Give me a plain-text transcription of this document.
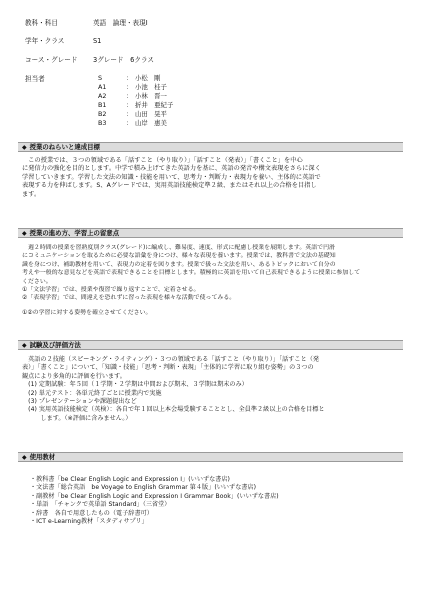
教科・科目	英語　論理・表現Ⅰ
学年・クラス	S1
コース・グレード 3グレード　6クラス
担当者	S	： 小松　剛
A1	： 小池　桂子
A2	： 小林　晋一
B1	： 折井　亜紀子
B2	： 山田　晃平
B3	： 山岸　惠美
◆ 授業のねらいと達成目標
　この授業では、３つの領域である「話すこと（やり取り）」「話すこと（発表）」「書くこと」を中心
に発信力の強化を目的とします。中学で積み上げてきた英語力を基に、英語の発音や構文表現をさらに深く
学習していきます。学習した文法の知識・技能を用いて、思考力・判断力・表現力を養い、主体的に英語で
表現する力を伸ばします。S、Aグレードでは、実用英語技能検定準２級、またはそれ以上の合格を目指し
ます。
◆ 授業の進め方、学習上の留意点
　週２時間の授業を習熟度別クラス(グレード)に編成し、難易度、速度、形式に配慮し授業を展開します。英語で円滑
にコミュニケーションを取るために必要な語彙を身につけ、様々な表現を養います。授業では、教科書で文法の基礎知
識を身につけ、補助教材を用いて、表現力の定着を図ります。授業で扱った文法を用い、あるトピックにおいて自分の
考えや一般的な意見などを英語で表現できることを目標とします。積極的に英語を用いて自己表現できるように授業に参加して
ください。
①「文法学習」では、授業や復習で繰り返すことで、定着させる。
②「表現学習」では、間違えを恐れずに習った表現を様々な活動で使ってみる。
①②の学習に対する姿勢を確立させてください。
◆ 試験及び評価方法
　英語の２技能（スピーキング・ライティング）・３つの領域である「話すこと（やり取り）」「話すこと（発
表）」「書くこと」について、「知識・技能」「思考・判断・表現」「主体的に学習に取り組む姿勢」の３つの
観点により多角的に評価を行います。
　(1) 定期試験：年５回（１学期・２学期は中間および期末、３学期は期末のみ）
　(2) 単元テスト：各単元終了ごとに授業内で実施
　(3) プレゼンテーションや課題提出など
　(4) 実用英語技能検定（英検）：各自で年１回以上本会場受験することとし、全員準２級以上の合格を目標と
　　　します。（※評価に含みません。）
◆ 使用教材
・教科書「be Clear English Logic and Expression Ⅰ」(いいずな書店)
・文法書「総合英語　be Voyage to English Grammar 第４版」(いいずな書店)
・副教材「be Clear English Logic and Expression Ⅰ Grammar Book」(いいずな書店)
・単語　「チャンクで英単語 Standard」（三省堂）
・辞書　各自で用意したもの（電子辞書可）
・ICT e-Learning教材「スタディサプリ」
